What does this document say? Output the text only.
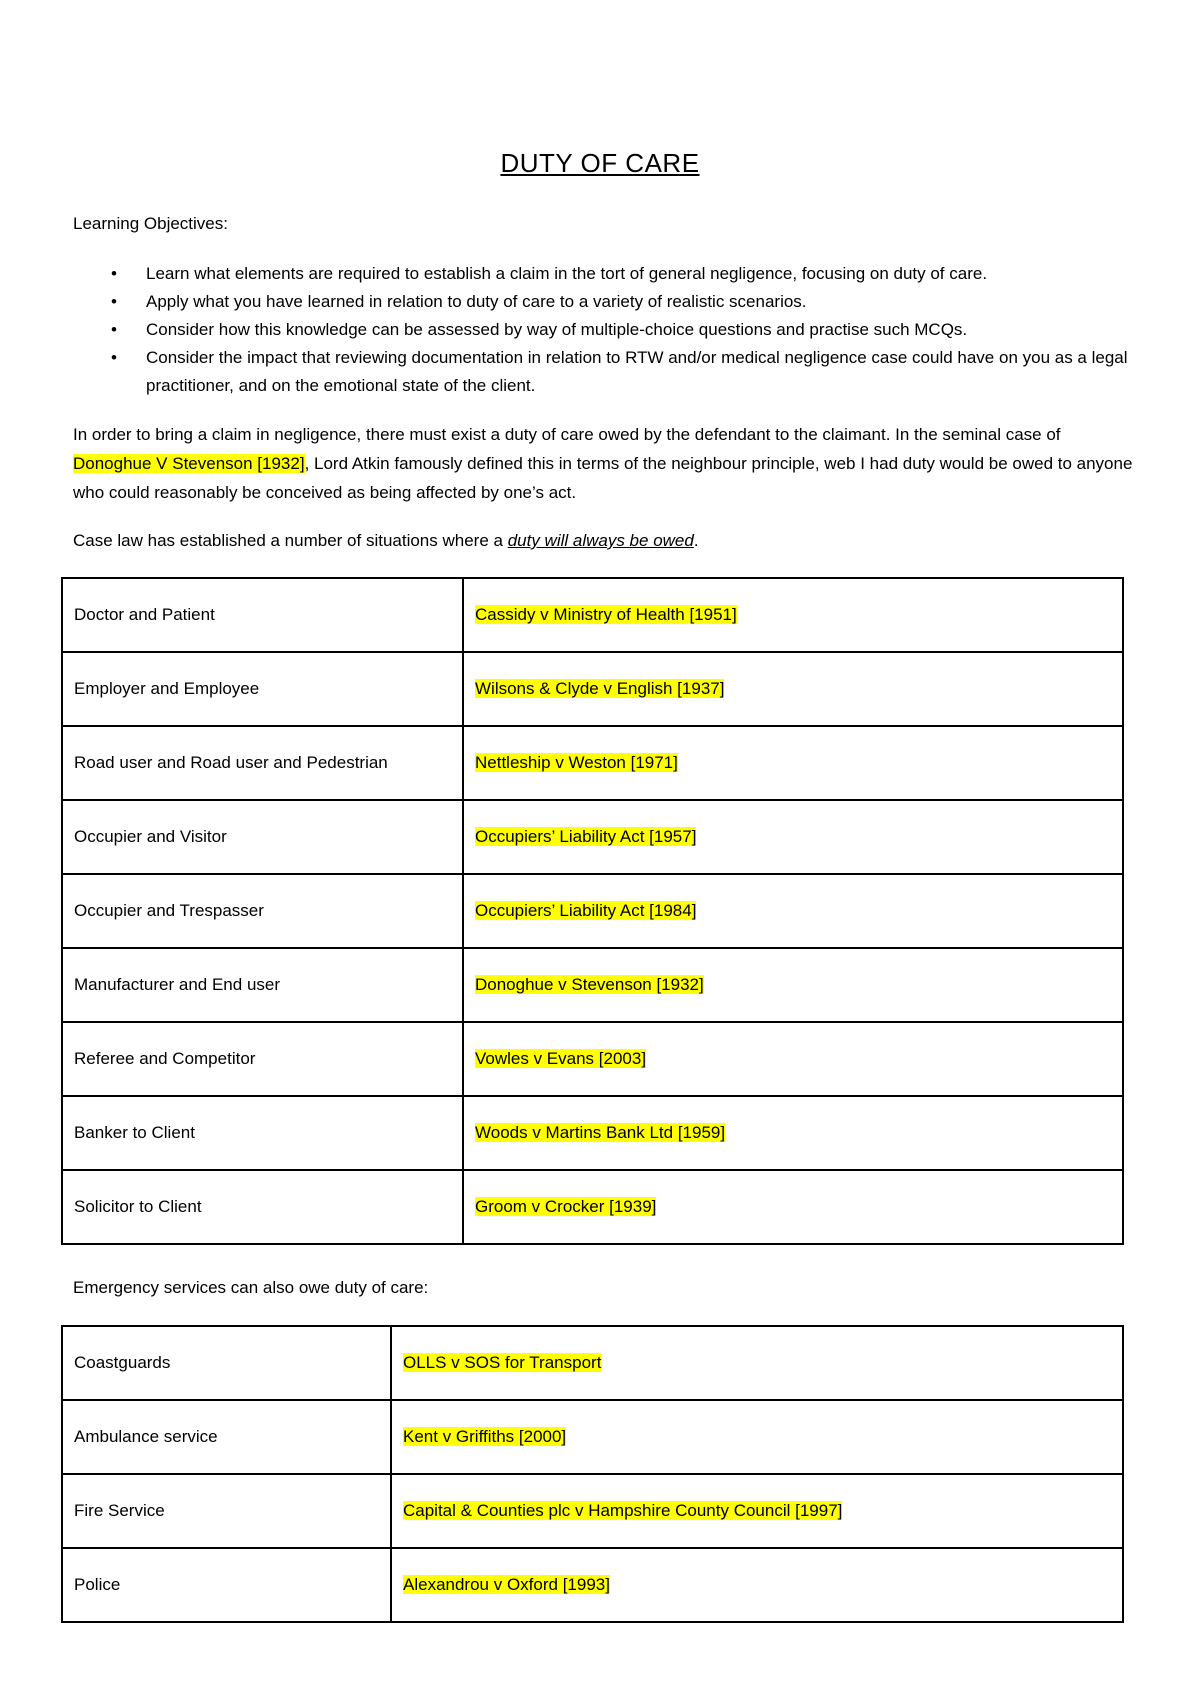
DUTY OF CARE
Learning Objectives:
• Learn what elements are required to establish a claim in the tort of general negligence, focusing on duty of care.
• Apply what you have learned in relation to duty of care to a variety of realistic scenarios.
• Consider how this knowledge can be assessed by way of multiple-choice questions and practise such MCQs.
• Consider the impact that reviewing documentation in relation to RTW and/or medical negligence case could have on you as a legal practitioner, and on the emotional state of the client.
In order to bring a claim in negligence, there must exist a duty of care owed by the defendant to the claimant. In the seminal case of Donoghue V Stevenson [1932], Lord Atkin famously defined this in terms of the neighbour principle, web I had duty would be owed to anyone who could reasonably be conceived as being affected by one’s act.
Case law has established a number of situations where a duty will always be owed.
Doctor and Patient	Cassidy v Ministry of Health [1951]
Employer and Employee	Wilsons & Clyde v English [1937]
Road user and Road user and Pedestrian	Nettleship v Weston [1971]
Occupier and Visitor	Occupiers’ Liability Act [1957]
Occupier and Trespasser	Occupiers’ Liability Act [1984]
Manufacturer and End user	Donoghue v Stevenson [1932]
Referee and Competitor	Vowles v Evans [2003]
Banker to Client	Woods v Martins Bank Ltd [1959]
Solicitor to Client	Groom v Crocker [1939]
Emergency services can also owe duty of care:
Coastguards	OLLS v SOS for Transport
Ambulance service	Kent v Griffiths [2000]
Fire Service	Capital & Counties plc v Hampshire County Council [1997]
Police	Alexandrou v Oxford [1993]
